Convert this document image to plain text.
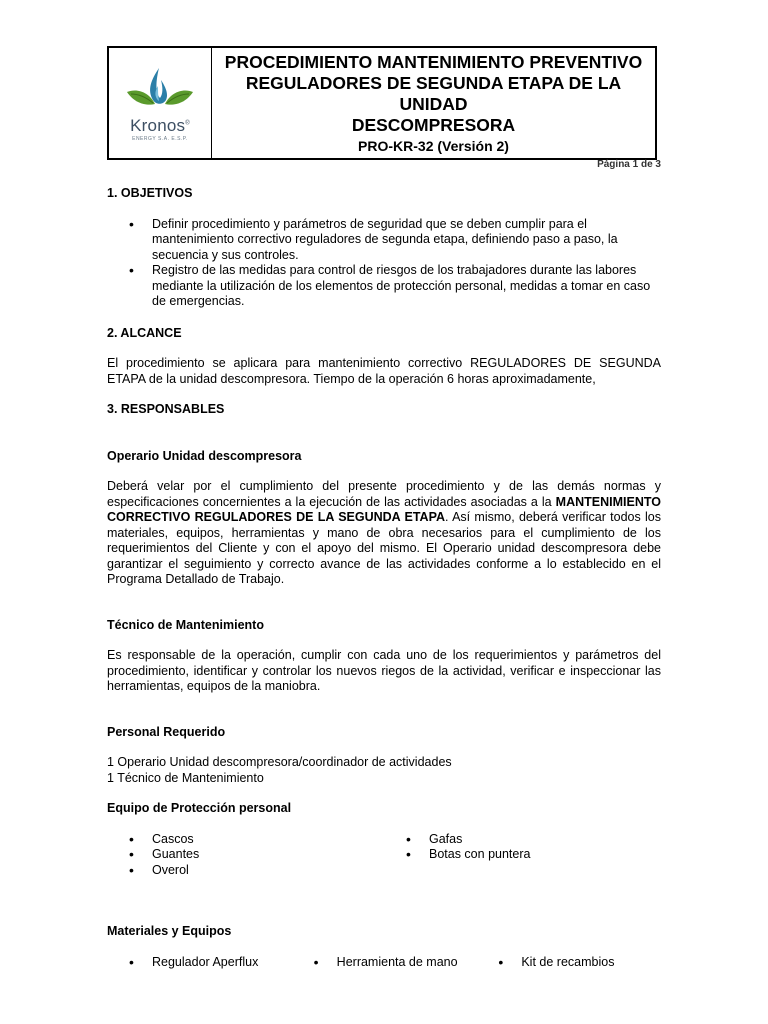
Kronos®
ENERGY S.A. E.S.P.
PROCEDIMIENTO MANTENIMIENTO PREVENTIVO
REGULADORES DE SEGUNDA ETAPA DE LA UNIDAD
DESCOMPRESORA
PRO-KR-32 (Versión 2)
Página 1 de 3
1. OBJETIVOS
• Definir procedimiento y parámetros de seguridad que se deben cumplir para el mantenimiento correctivo reguladores de segunda etapa, definiendo paso a paso, la secuencia y sus controles.
• Registro de las medidas para control de riesgos de los trabajadores durante las labores mediante la utilización de los elementos de protección personal, medidas a tomar en caso de emergencias.
2. ALCANCE

El procedimiento se aplicara para mantenimiento correctivo REGULADORES DE SEGUNDA ETAPA de la unidad descompresora. Tiempo de la operación 6 horas aproximadamente,

3. RESPONSABLES
Operario Unidad descompresora

Deberá velar por el cumplimiento del presente procedimiento y de las demás normas y especificaciones concernientes a la ejecución de las actividades asociadas a la MANTENIMIENTO CORRECTIVO REGULADORES DE LA SEGUNDA ETAPA. Así mismo, deberá verificar todos los materiales, equipos, herramientas y mano de obra necesarios para el cumplimiento de los requerimientos del Cliente y con el apoyo del mismo. El Operario unidad descompresora debe garantizar el seguimiento y correcto avance de las actividades conforme a lo establecido en el Programa Detallado de Trabajo.

Técnico de Mantenimiento

Es responsable de la operación, cumplir con cada uno de los requerimientos y parámetros del procedimiento, identificar y controlar los nuevos riegos de la actividad, verificar e inspeccionar las herramientas, equipos de la maniobra.

Personal Requerido
1 Operario Unidad descompresora/coordinador de actividades
1 Técnico de Mantenimiento
Equipo de Protección personal
• Cascos
• Guantes
• Overol
• Gafas
• Botas con puntera
Materiales y Equipos
• Regulador Aperflux	• Herramienta de mano	• Kit de recambios
